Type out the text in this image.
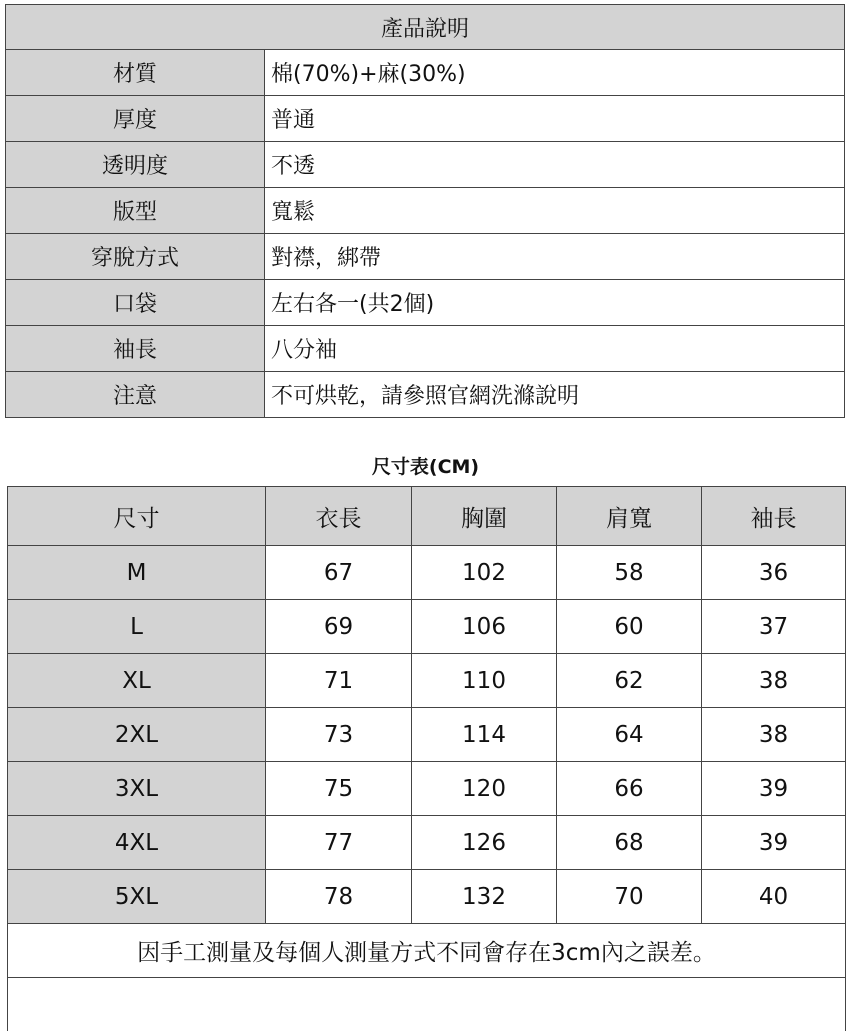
產品說明	
材質	棉(70%)+麻(30%)
厚度	普通
透明度	不透
版型	寬鬆
穿脫方式	對襟，綁帶
口袋	左右各一(共2個)
袖長	八分袖
注意	不可烘乾，請參照官網洗滌說明
尺寸表(CM)
尺寸	衣長	胸圍	肩寬	袖長
M	67	102	58	36
L	69	106	60	37
XL	71	110	62	38
2XL	73	114	64	38
3XL	75	120	66	39
4XL	77	126	68	39
5XL	78	132	70	40
因手工測量及每個人測量方式不同會存在3cm內之誤差。				
